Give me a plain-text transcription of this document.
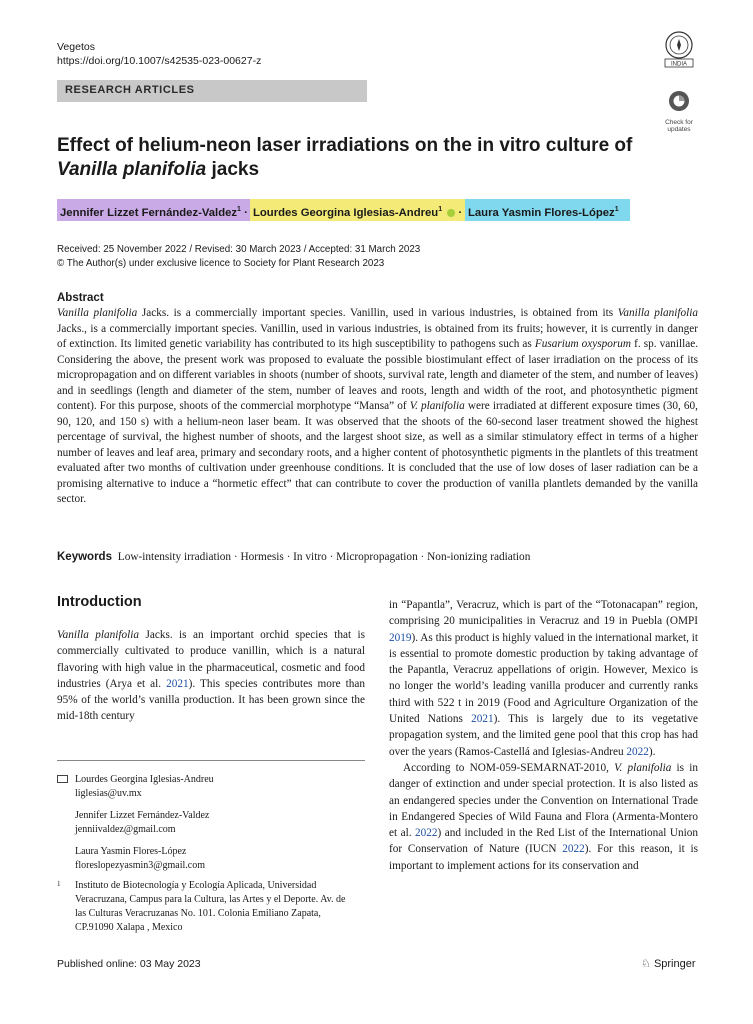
Vegetos
https://doi.org/10.1007/s42535-023-00627-z
RESEARCH ARTICLES
INDIA
Check for
updates
Effect of helium-neon laser irradiations on the in vitro culture of
Vanilla planifolia jacks
Jennifer Lizzet Fernández-Valdez$^1$ · Lourdes Georgina Iglesias-Andreu$^1$  · Laura Yasmin Flores-López$^1$
Received: 25 November 2022 / Revised: 30 March 2023 / Accepted: 31 March 2023
© The Author(s) under exclusive licence to Society for Plant Research 2023
Abstract
Vanilla planifolia Jacks. is a commercially important species. Vanillin, used in various industries, is obtained from its Vanilla planifolia Jacks., is a commercially important species. Vanillin, used in various industries, is obtained from its fruits; however, it is currently in danger of extinction. Its limited genetic variability has contributed to its high susceptibility to pathogens such as Fusarium oxysporum f. sp. vanillae. Considering the above, the present work was proposed to evaluate the possible biostimulant effect of laser irradiation on the process of its micropropagation and on different variables in shoots (number of shoots, survival rate, length and diameter of the stem, and number of leaves) and in seedlings (length and diameter of the stem, number of leaves and roots, length and width of the root, and photosynthetic pigment content). For this purpose, shoots of the commercial morphotype “Mansa” of V. planifolia were irradiated at different exposure times (30, 60, 90, 120, and 150 s) with a helium-neon laser beam. It was observed that the shoots of the 60-second laser treatment showed the highest percentage of survival, the highest number of shoots, and the largest shoot size, as well as a similar stimulatory effect in terms of a higher number of leaves and leaf area, primary and secondary roots, and a higher content of photosynthetic pigments in the plantlets of this treatment evaluated after two months of cultivation under greenhouse conditions. It is concluded that the use of low doses of laser radiation can be a promising alternative to induce a “hormetic effect” that can contribute to cover the production of vanilla plantlets demanded by the vanilla sector.
Keywords Low-intensity irradiation · Hormesis · In vitro · Micropropagation · Non-ionizing radiation
Introduction

Vanilla planifolia Jacks. is an important orchid species that is commercially cultivated to produce vanillin, which is a natural flavoring with high value in the pharmaceutical, cosmetic and food industries (Arya et al. 2021). This species contributes more than 95% of the world’s vanilla production. It has been grown since the mid-18th century

in “Papantla”, Veracruz, which is part of the “Totonacapan” region, comprising 20 municipalities in Veracruz and 19 in Puebla (OMPI 2019). As this product is highly valued in the international market, it is essential to promote domestic production by taking advantage of the Papantla, Veracruz appellations of origin. However, Mexico is no longer the world’s leading vanilla producer and currently ranks third with 522 t in 2019 (Food and Agriculture Organization of the United Nations 2021). This is largely due to its vegetative propagation system, and the limited gene pool that this crop has had over the years (Ramos-Castellá and Iglesias-Andreu 2022).

According to NOM-059-SEMARNAT-2010, V. planifolia is in danger of extinction and under special protection. It is also listed as an endangered species under the Convention on International Trade in Endangered Species of Wild Fauna and Flora (Armenta-Montero et al. 2022) and included in the Red List of the International Union for Conservation of Nature (IUCN 2022). For this reason, it is important to implement actions for its conservation and

Lourdes Georgina Iglesias-Andreu
liglesias@uv.mx
Jennifer Lizzet Fernández-Valdez
jenniivaldez@gmail.com
Laura Yasmin Flores-López
floreslopezyasmin3@gmail.com
1	Instituto de Biotecnología y Ecología Aplicada, Universidad Veracruzana, Campus para la Cultura, las Artes y el Deporte. Av. de las Culturas Veracruzanas No. 101. Colonia Emiliano Zapata, CP.91090 Xalapa , Mexico
Published online: 03 May 2023	♘ Springer
